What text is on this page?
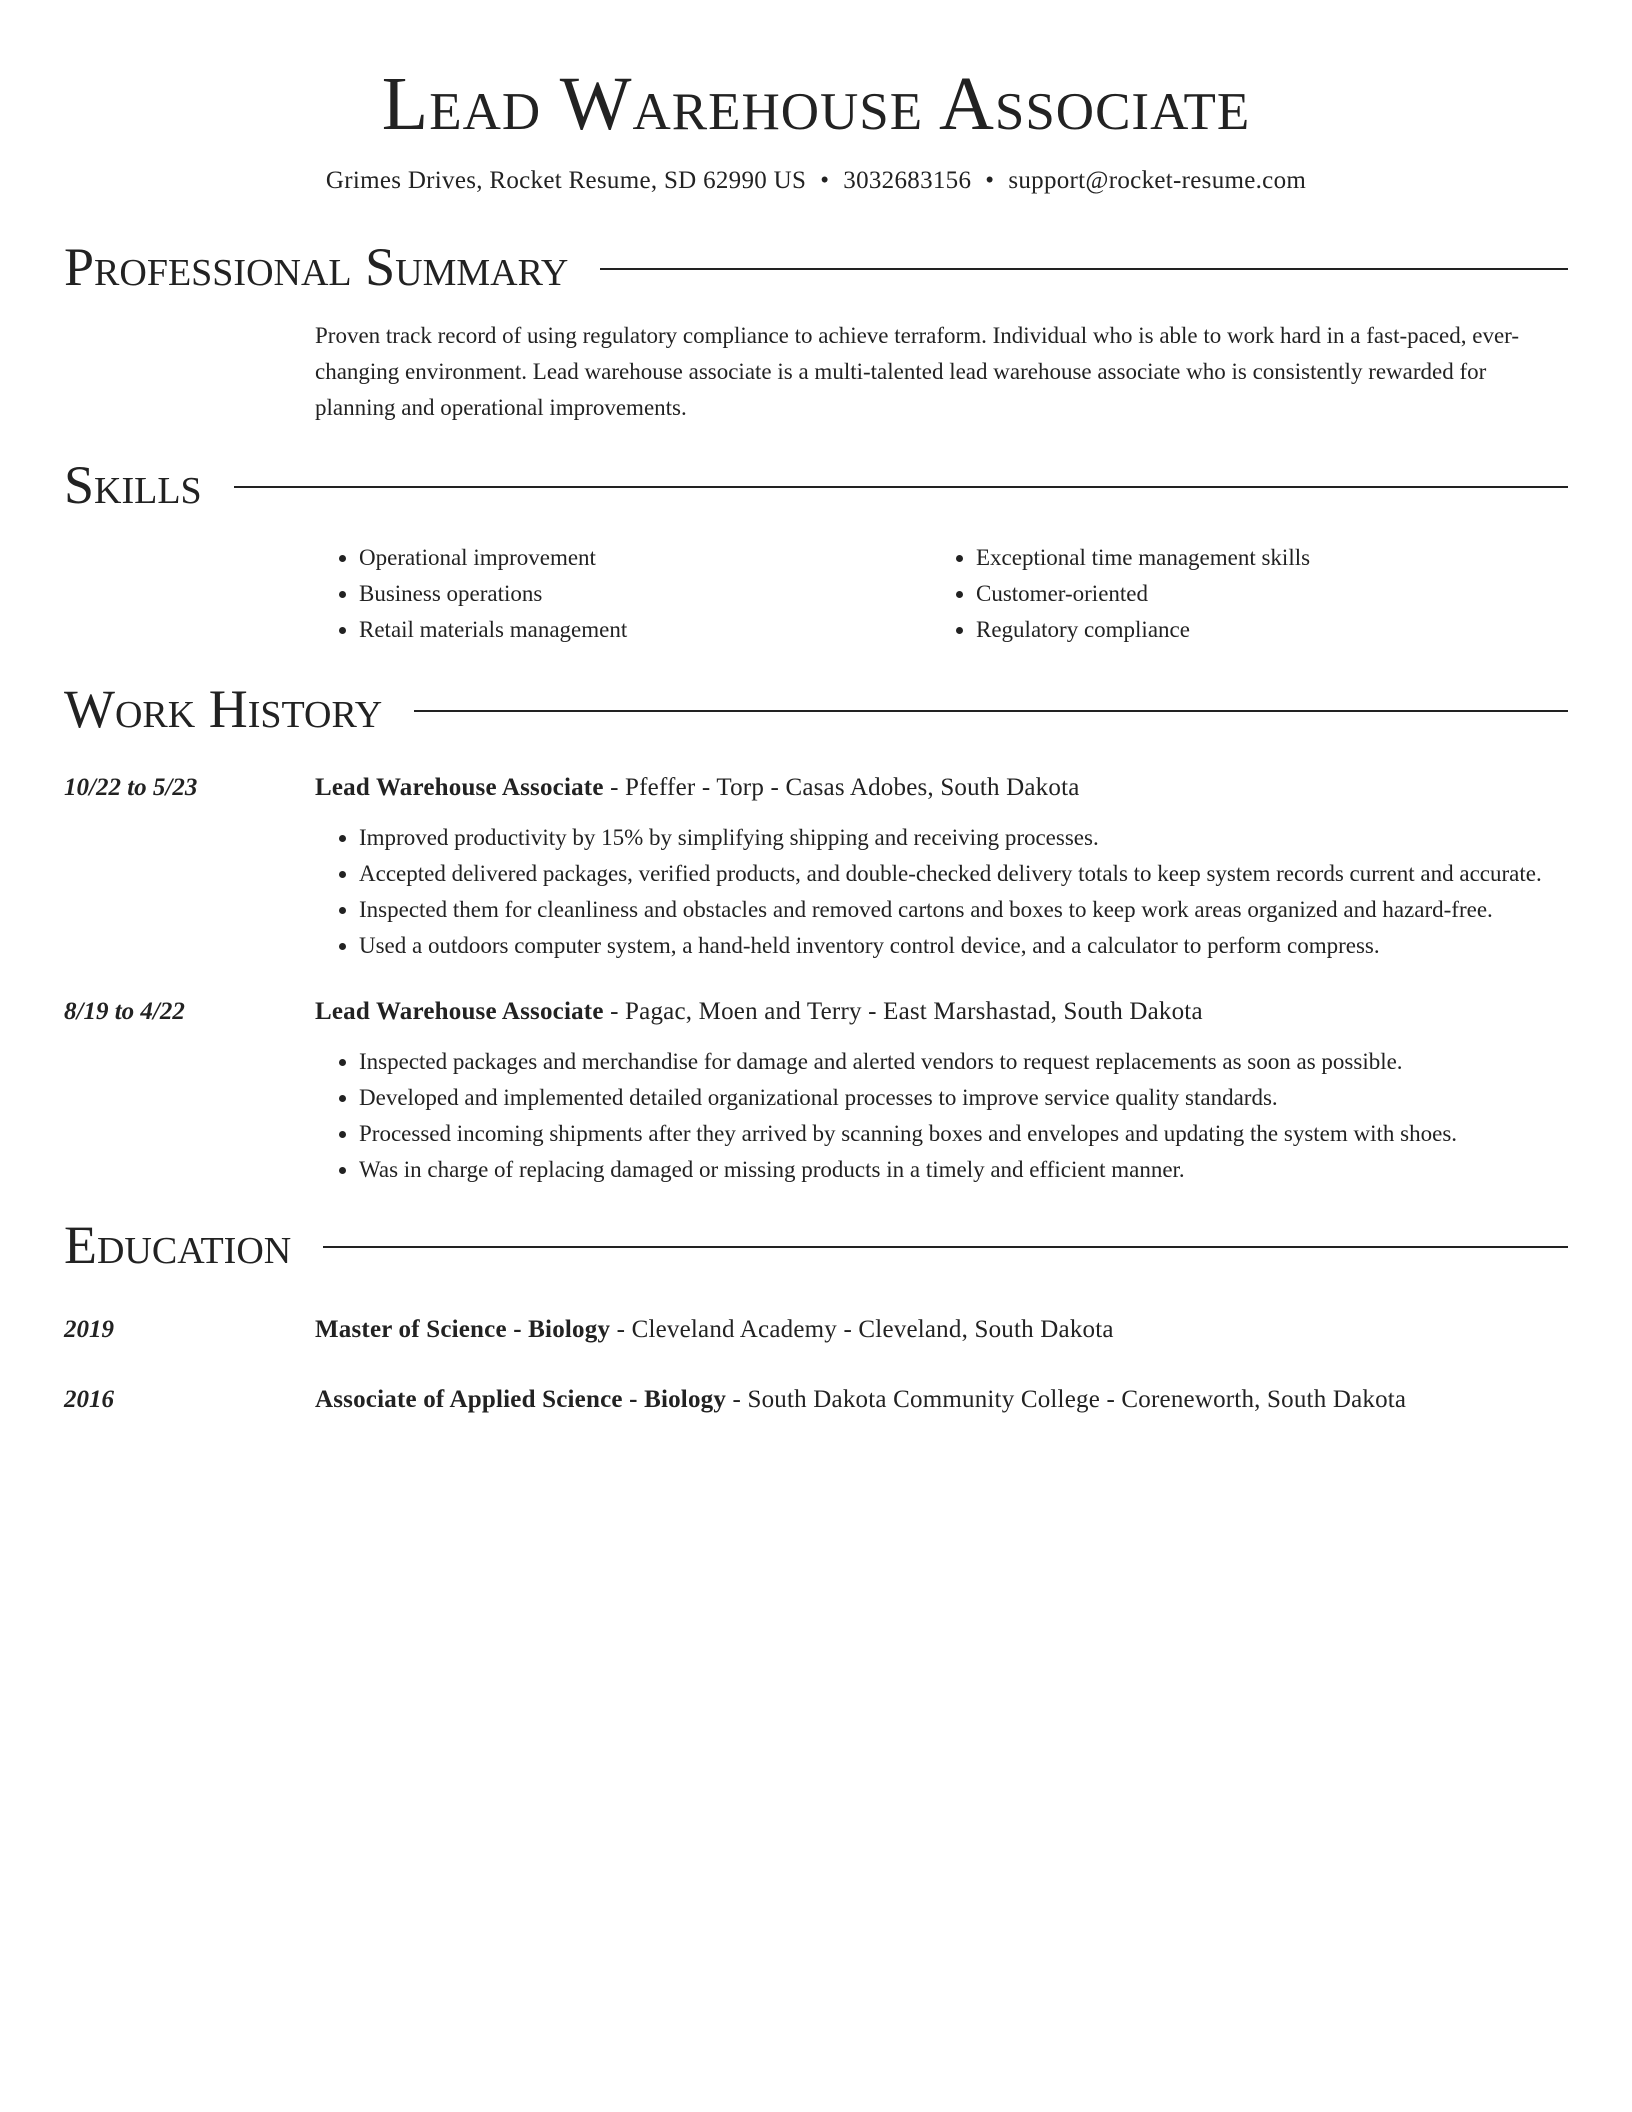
Lead Warehouse Associate
Grimes Drives, Rocket Resume, SD 62990 US • 3032683156 • support@rocket-resume.com
Professional Summary
Proven track record of using regulatory compliance to achieve terraform. Individual who is able to work hard in a fast-paced, ever-changing environment. Lead warehouse associate is a multi-talented lead warehouse associate who is consistently rewarded for planning and operational improvements.
Skills
• Operational improvement
• Business operations
• Retail materials management
• Exceptional time management skills
• Customer-oriented
• Regulatory compliance
Work History
10/22 to 5/23	Lead Warehouse Associate - Pfeffer - Torp - Casas Adobes, South Dakota
• Improved productivity by 15% by simplifying shipping and receiving processes.
• Accepted delivered packages, verified products, and double-checked delivery totals to keep system records current and accurate.
• Inspected them for cleanliness and obstacles and removed cartons and boxes to keep work areas organized and hazard-free.
• Used a outdoors computer system, a hand-held inventory control device, and a calculator to perform compress.
8/19 to 4/22	Lead Warehouse Associate - Pagac, Moen and Terry - East Marshastad, South Dakota
• Inspected packages and merchandise for damage and alerted vendors to request replacements as soon as possible.
• Developed and implemented detailed organizational processes to improve service quality standards.
• Processed incoming shipments after they arrived by scanning boxes and envelopes and updating the system with shoes.
• Was in charge of replacing damaged or missing products in a timely and efficient manner.
Education
2019	Master of Science - Biology - Cleveland Academy - Cleveland, South Dakota
2016	Associate of Applied Science - Biology - South Dakota Community College - Coreneworth, South Dakota
